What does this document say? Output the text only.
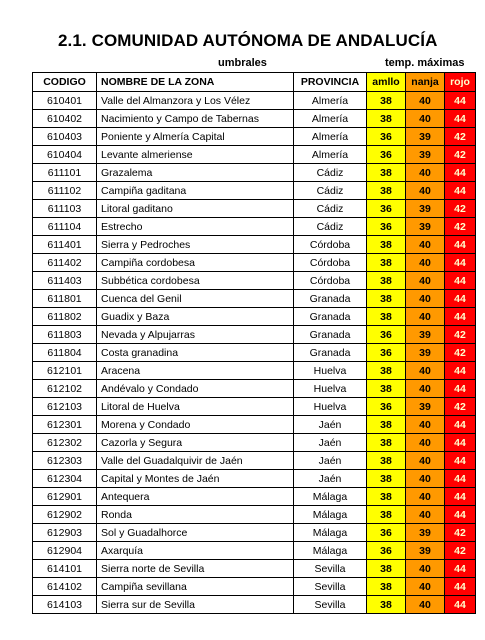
2.1. COMUNIDAD AUTÓNOMA DE ANDALUCÍA
umbrales	temp. máximas
CODIGO	NOMBRE DE LA ZONA	PROVINCIA	amllo	nanja	rojo
610401	Valle del Almanzora y Los Vélez	Almería	38	40	44
610402	Nacimiento y Campo de Tabernas	Almería	38	40	44
610403	Poniente y Almería Capital	Almería	36	39	42
610404	Levante almeriense	Almería	36	39	42
611101	Grazalema	Cádiz	38	40	44
611102	Campiña gaditana	Cádiz	38	40	44
611103	Litoral gaditano	Cádiz	36	39	42
611104	Estrecho	Cádiz	36	39	42
611401	Sierra y Pedroches	Córdoba	38	40	44
611402	Campiña cordobesa	Córdoba	38	40	44
611403	Subbética cordobesa	Córdoba	38	40	44
611801	Cuenca del Genil	Granada	38	40	44
611802	Guadix y Baza	Granada	38	40	44
611803	Nevada y Alpujarras	Granada	36	39	42
611804	Costa granadina	Granada	36	39	42
612101	Aracena	Huelva	38	40	44
612102	Andévalo y Condado	Huelva	38	40	44
612103	Litoral de Huelva	Huelva	36	39	42
612301	Morena y Condado	Jaén	38	40	44
612302	Cazorla y Segura	Jaén	38	40	44
612303	Valle del Guadalquivir de Jaén	Jaén	38	40	44
612304	Capital y Montes de Jaén	Jaén	38	40	44
612901	Antequera	Málaga	38	40	44
612902	Ronda	Málaga	38	40	44
612903	Sol y Guadalhorce	Málaga	36	39	42
612904	Axarquía	Málaga	36	39	42
614101	Sierra norte de Sevilla	Sevilla	38	40	44
614102	Campiña sevillana	Sevilla	38	40	44
614103	Sierra sur de Sevilla	Sevilla	38	40	44
